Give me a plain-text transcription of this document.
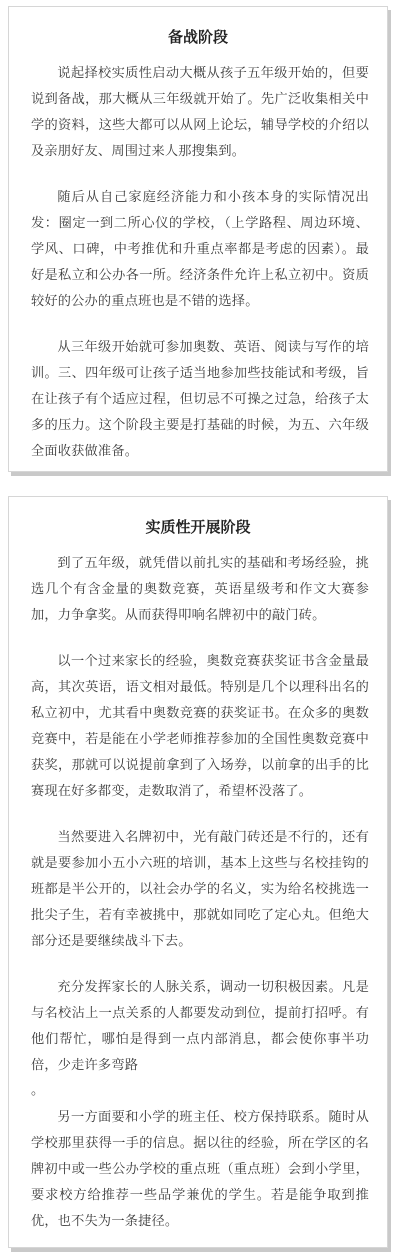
备战阶段

说起择校实质性启动大概从孩子五年级开始的，但要说到备战，那大概从三年级就开始了。先广泛收集相关中学的资料，这些大都可以从网上论坛，辅导学校的介绍以及亲朋好友、周围过来人那搜集到。

随后从自己家庭经济能力和小孩本身的实际情况出发：圈定一到二所心仪的学校，（上学路程、周边环境、学风、口碑，中考推优和升重点率都是考虑的因素）。最好是私立和公办各一所。经济条件允许上私立初中。资质较好的公办的重点班也是不错的选择。

从三年级开始就可参加奥数、英语、阅读与写作的培训。三、四年级可让孩子适当地参加些技能试和考级，旨在让孩子有个适应过程，但切忌不可操之过急，给孩子太多的压力。这个阶段主要是打基础的时候，为五、六年级全面收获做准备。

实质性开展阶段

到了五年级，就凭借以前扎实的基础和考场经验，挑选几个有含金量的奥数竞赛，英语星级考和作文大赛参加，力争拿奖。从而获得叩响名牌初中的敲门砖。

以一个过来家长的经验，奥数竞赛获奖证书含金量最高，其次英语，语文相对最低。特别是几个以理科出名的私立初中，尤其看中奥数竞赛的获奖证书。在众多的奥数竞赛中，若是能在小学老师推荐参加的全国性奥数竞赛中获奖，那就可以说提前拿到了入场券，以前拿的出手的比赛现在好多都变，走数取消了，希望杯没落了。

当然要进入名牌初中，光有敲门砖还是不行的，还有就是要参加小五小六班的培训，基本上这些与名校挂钩的班都是半公开的，以社会办学的名义，实为给名校挑选一批尖子生，若有幸被挑中，那就如同吃了定心丸。但绝大部分还是要继续战斗下去。

充分发挥家长的人脉关系，调动一切积极因素。凡是与名校沾上一点关系的人都要发动到位，提前打招呼。有他们帮忙，哪怕是得到一点内部消息，都会使你事半功倍，少走许多弯路

。

另一方面要和小学的班主任、校方保持联系。随时从学校那里获得一手的信息。据以往的经验，所在学区的名牌初中或一些公办学校的重点班（重点班）会到小学里，要求校方给推荐一些品学兼优的学生。若是能争取到推优，也不失为一条捷径。
